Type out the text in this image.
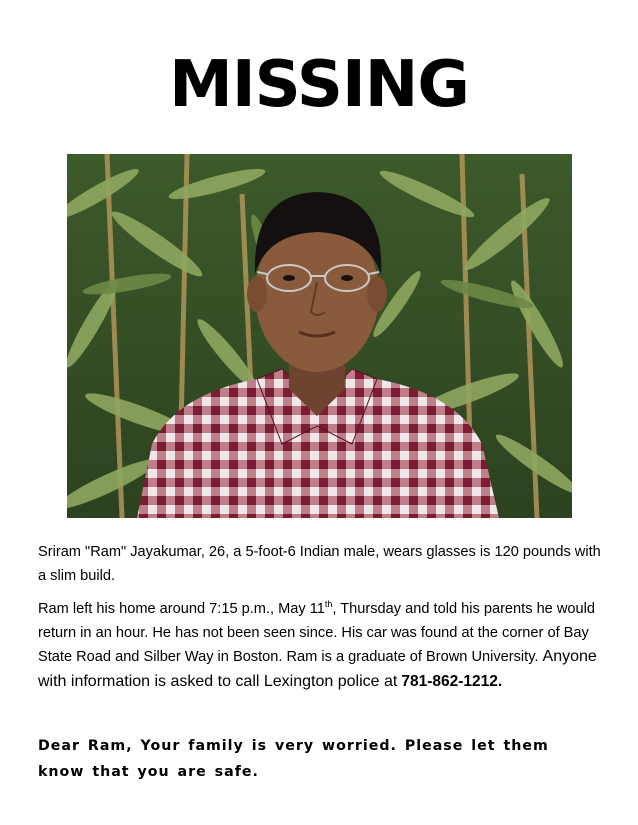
MISSING

Sriram "Ram" Jayakumar, 26, a 5-foot-6 Indian male, wears glasses is 120 pounds with a slim build.

Ram left his home around 7:15 p.m., May 11th, Thursday and told his parents he would return in an hour. He has not been seen since. His car was found at the corner of Bay State Road and Silber Way in Boston. Ram is a graduate of Brown University. Anyone with information is asked to call Lexington police at 781-862-1212.

Dear Ram, Your family is very worried. Please let them know that you are safe.
